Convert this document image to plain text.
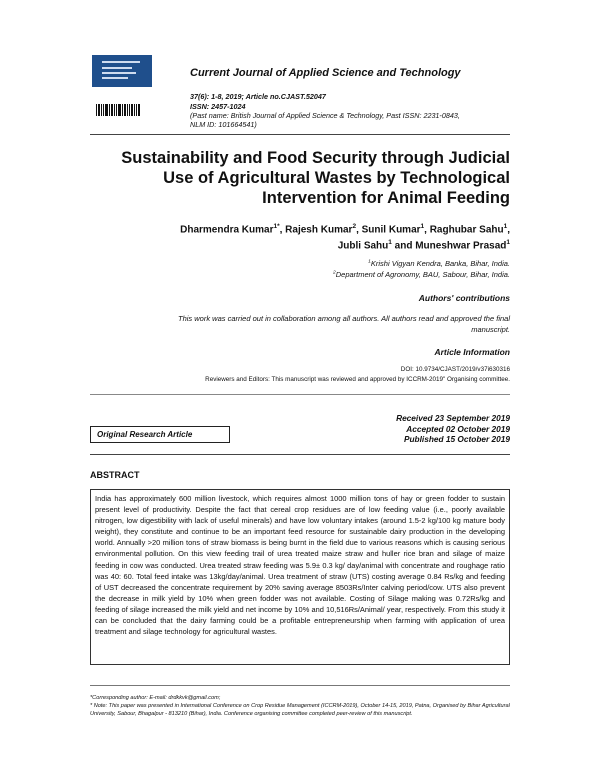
Current Journal of Applied Science and Technology
37(6): 1-8, 2019; Article no.CJAST.52047
ISSN: 2457-1024
(Past name: British Journal of Applied Science & Technology, Past ISSN: 2231-0843,
NLM ID: 101664541)
Sustainability and Food Security through Judicial
Use of Agricultural Wastes by Technological
Intervention for Animal Feeding
Dharmendra Kumar$^{1*}$, Rajesh Kumar$^2$, Sunil Kumar$^1$, Raghubar Sahu$^1$,
Jubli Sahu$^1$ and Muneshwar Prasad$^1$
$^1$Krishi Vigyan Kendra, Banka, Bihar, India.
$^2$Department of Agronomy, BAU, Sabour, Bihar, India.
Authors' contributions
This work was carried out in collaboration among all authors. All authors read and approved the final
manuscript.
Article Information
DOI: 10.9734/CJAST/2019/v37i630316
Reviewers and Editors: This manuscript was reviewed and approved by ICCRM-2019" Organising committee.
Received 23 September 2019
Accepted 02 October 2019
Published 15 October 2019
Original Research Article
ABSTRACT
India has approximately 600 million livestock, which requires almost 1000 million tons of hay or green fodder to sustain present level of productivity. Despite the fact that cereal crop residues are of low feeding value (i.e., poorly available nitrogen, low digestibility with lack of useful minerals) and have low voluntary intakes (around 1.5-2 kg/100 kg mature body weight), they constitute and continue to be an important feed resource for sustainable dairy production in the developing world. Annually >20 million tons of straw biomass is being burnt in the field due to various reasons which is causing serious environmental pollution. On this view feeding trail of urea treated maize straw and huller rice bran and silage of maize feeding in cow was conducted. Urea treated straw feeding was 5.9± 0.3 kg/ day/animal with concentrate and roughage ratio was 40: 60. Total feed intake was 13kg/day/animal. Urea treatment of straw (UTS) costing average 0.84 Rs/kg and feeding of UST decreased the concentrate requirement by 20% saving average 8503Rs/Inter calving period/cow. UTS also prevent the decrease in milk yield by 10% when green fodder was not available. Costing of Silage making was 0.72Rs/kg and feeding of silage increased the milk yield and net income by 10% and 10,516Rs/Animal/ year, respectively. From this study it can be concluded that the dairy farming could be a profitable entrepreneurship when farming with application of urea treatment and silage technology for agricultural wastes.
*Corresponding author: E-mail: drdkkvk@gmail.com;
* Note: This paper was presented in International Conference on Crop Residue Management (ICCRM-2019), October 14-15, 2019, Patna, Organised by Bihar Agricultural University, Sabour, Bhagalpur - 813210 (Bihar), India. Conference organising committee completed peer-review of this manuscript.
